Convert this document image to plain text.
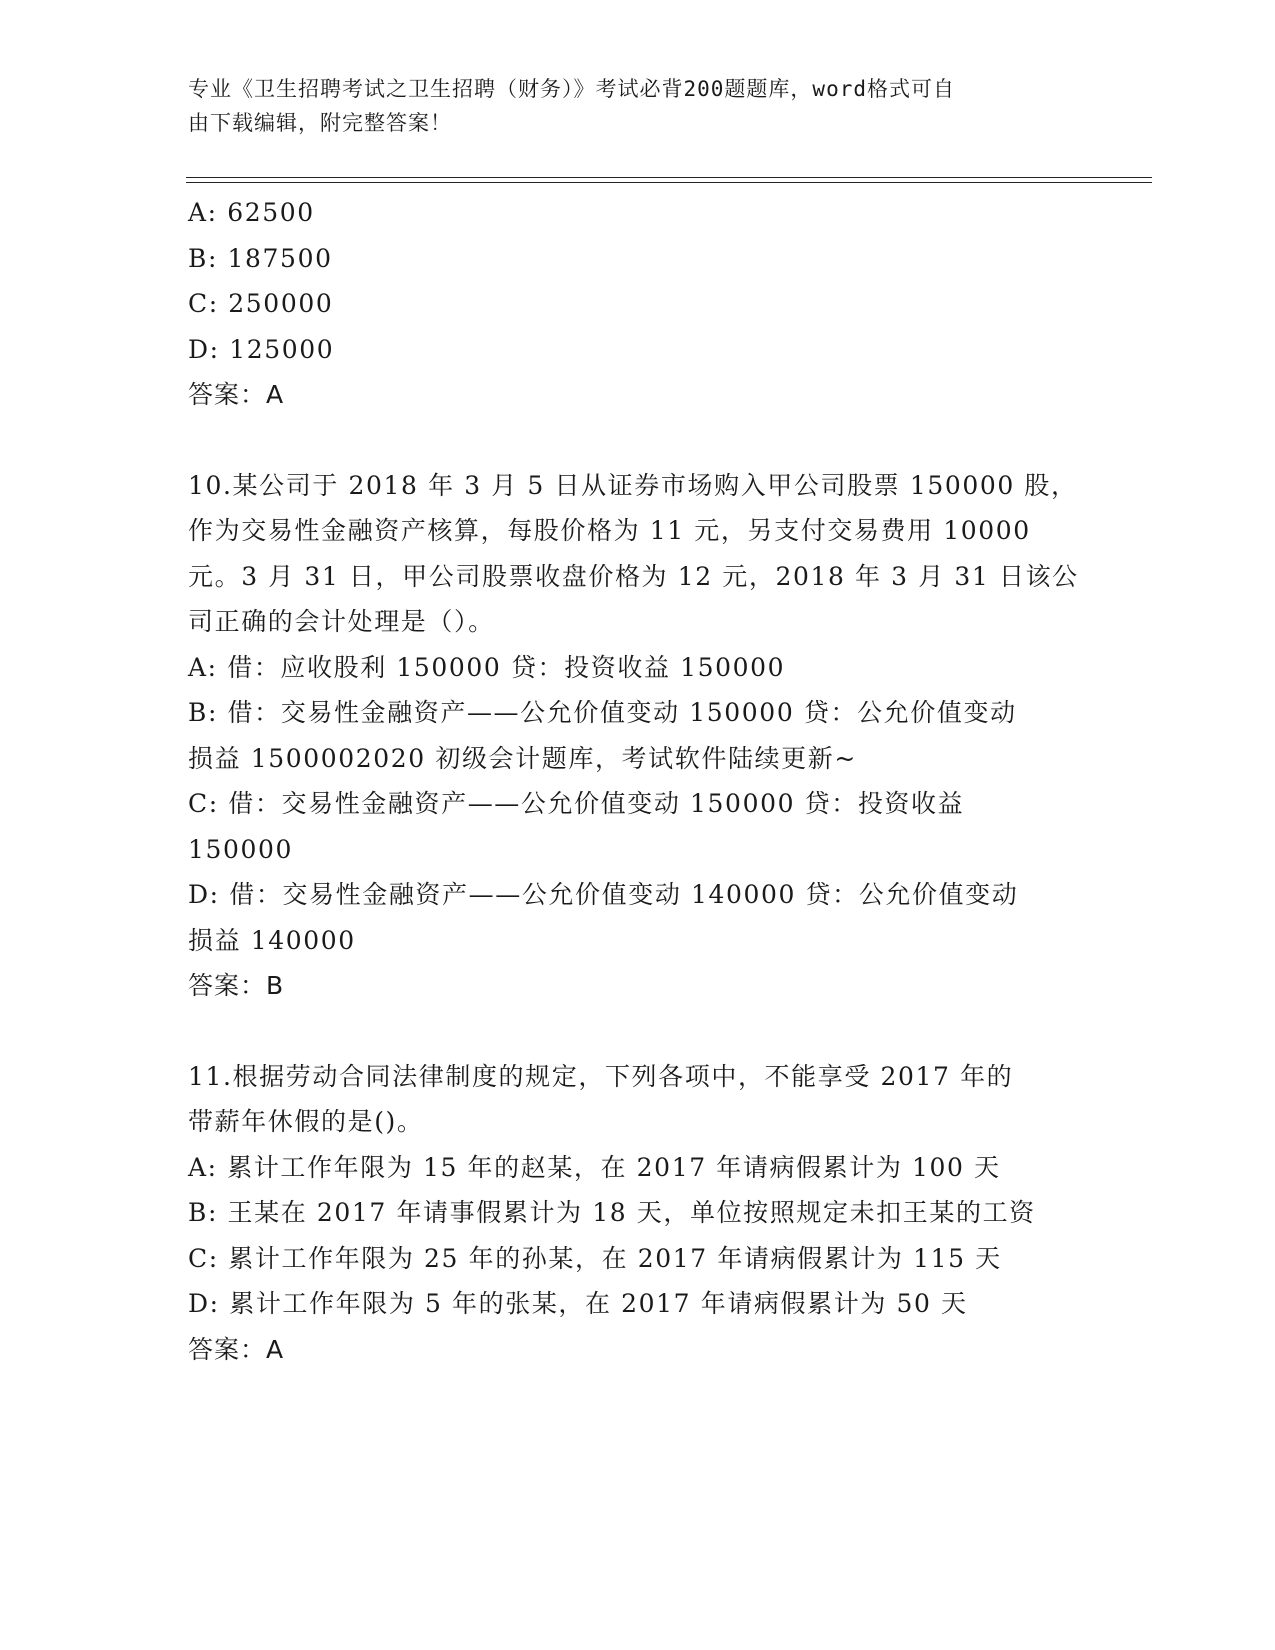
专业《卫生招聘考试之卫生招聘（财务）》考试必背200题题库，word格式可自
由下载编辑，附完整答案！
A: 62500
B: 187500
C: 250000
D: 125000
答案：A
10.某公司于 2018 年 3 月 5 日从证券市场购入甲公司股票 150000 股，
作为交易性金融资产核算，每股价格为 11 元，另支付交易费用 10000
元。3 月 31 日，甲公司股票收盘价格为 12 元，2018 年 3 月 31 日该公
司正确的会计处理是（）。
A: 借：应收股利 150000 贷：投资收益 150000
B: 借：交易性金融资产——公允价值变动 150000 贷：公允价值变动
损益 1500002020 初级会计题库，考试软件陆续更新~
C: 借：交易性金融资产——公允价值变动 150000 贷：投资收益
150000
D: 借：交易性金融资产——公允价值变动 140000 贷：公允价值变动
损益 140000
答案：B
11.根据劳动合同法律制度的规定，下列各项中，不能享受 2017 年的
带薪年休假的是()。
A: 累计工作年限为 15 年的赵某，在 2017 年请病假累计为 100 天
B: 王某在 2017 年请事假累计为 18 天，单位按照规定未扣王某的工资
C: 累计工作年限为 25 年的孙某，在 2017 年请病假累计为 115 天
D: 累计工作年限为 5 年的张某，在 2017 年请病假累计为 50 天
答案：A
